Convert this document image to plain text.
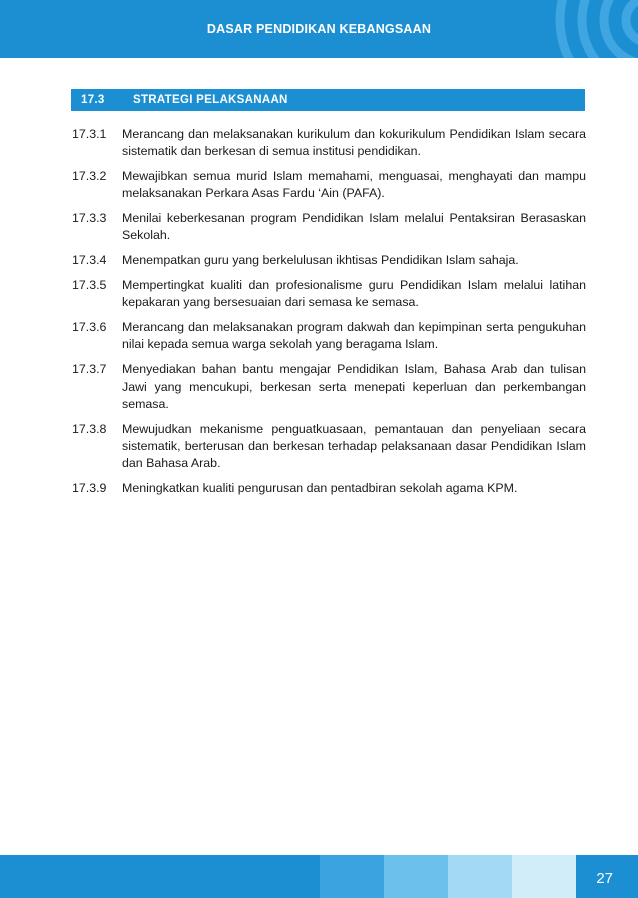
DASAR PENDIDIKAN KEBANGSAAN
17.3 STRATEGI PELAKSANAAN
17.3.1	Merancang dan melaksanakan kurikulum dan kokurikulum Pendidikan Islam secara sistematik dan berkesan di semua institusi pendidikan.
17.3.2	Mewajibkan semua murid Islam memahami, menguasai, menghayati dan mampu melaksanakan Perkara Asas Fardu ‘Ain (PAFA).
17.3.3	Menilai keberkesanan program Pendidikan Islam melalui Pentaksiran Berasaskan Sekolah.
17.3.4	Menempatkan guru yang berkelulusan ikhtisas Pendidikan Islam sahaja.
17.3.5	Mempertingkat kualiti dan profesionalisme guru Pendidikan Islam melalui latihan kepakaran yang bersesuaian dari semasa ke semasa.
17.3.6	Merancang dan melaksanakan program dakwah dan kepimpinan serta pengukuhan nilai kepada semua warga sekolah yang beragama Islam.
17.3.7	Menyediakan bahan bantu mengajar Pendidikan Islam, Bahasa Arab dan tulisan Jawi yang mencukupi, berkesan serta menepati keperluan dan perkembangan semasa.
17.3.8	Mewujudkan mekanisme penguatkuasaan, pemantauan dan penyeliaan secara sistematik, berterusan dan berkesan terhadap pelaksanaan dasar Pendidikan Islam dan Bahasa Arab.
17.3.9	Meningkatkan kualiti pengurusan dan pentadbiran sekolah agama KPM.
27
